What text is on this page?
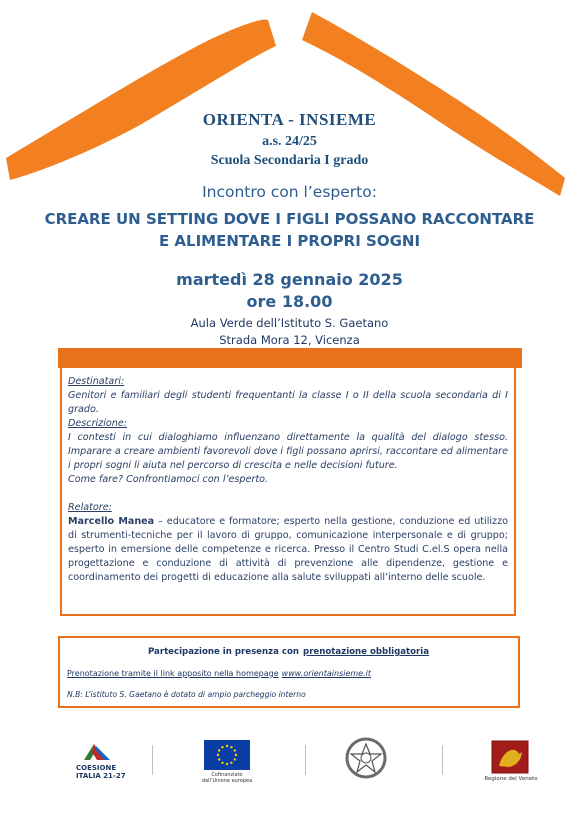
ORIENTA - INSIEME
a.s. 24/25
Scuola Secondaria I grado
Incontro con l’esperto:
CREARE UN SETTING DOVE I FIGLI POSSANO RACCONTARE
E ALIMENTARE I PROPRI SOGNI
martedì 28 gennaio 2025
ore 18.00
Aula Verde dell’Istituto S. Gaetano
Strada Mora 12, Vicenza

Destinatari:

Genitori e familiari degli studenti frequentanti la classe I o II della scuola secondaria di I grado.

Descrizione:

I contesti in cui dialoghiamo influenzano direttamente la qualità del dialogo stesso. Imparare a creare ambienti favorevoli dove i figli possano aprirsi, raccontare ed alimentare i propri sogni li aiuta nel percorso di crescita e nelle decisioni future.

Come fare? Confrontiamoci con l’esperto.

Relatore:

Marcello Manea – educatore e formatore; esperto nella gestione, conduzione ed utilizzo di strumenti-tecniche per il lavoro di gruppo, comunicazione interpersonale e di gruppo; esperto in emersione delle competenze e ricerca. Presso il Centro Studi C.el.S opera nella progettazione e conduzione di attività di prevenzione alle dipendenze, gestione e coordinamento dei progetti di educazione alla salute sviluppati all’interno delle scuole.

Partecipazione in presenza con prenotazione obbligatoria
Prenotazione tramite il link apposito nella homepage www.orientainsieme.it
N.B: L’istituto S. Gaetano è dotato di ampio parcheggio interno
COESIONE
ITALIA 21-27	Cofinanziato
dall’Unione europea	Regione del Veneto
